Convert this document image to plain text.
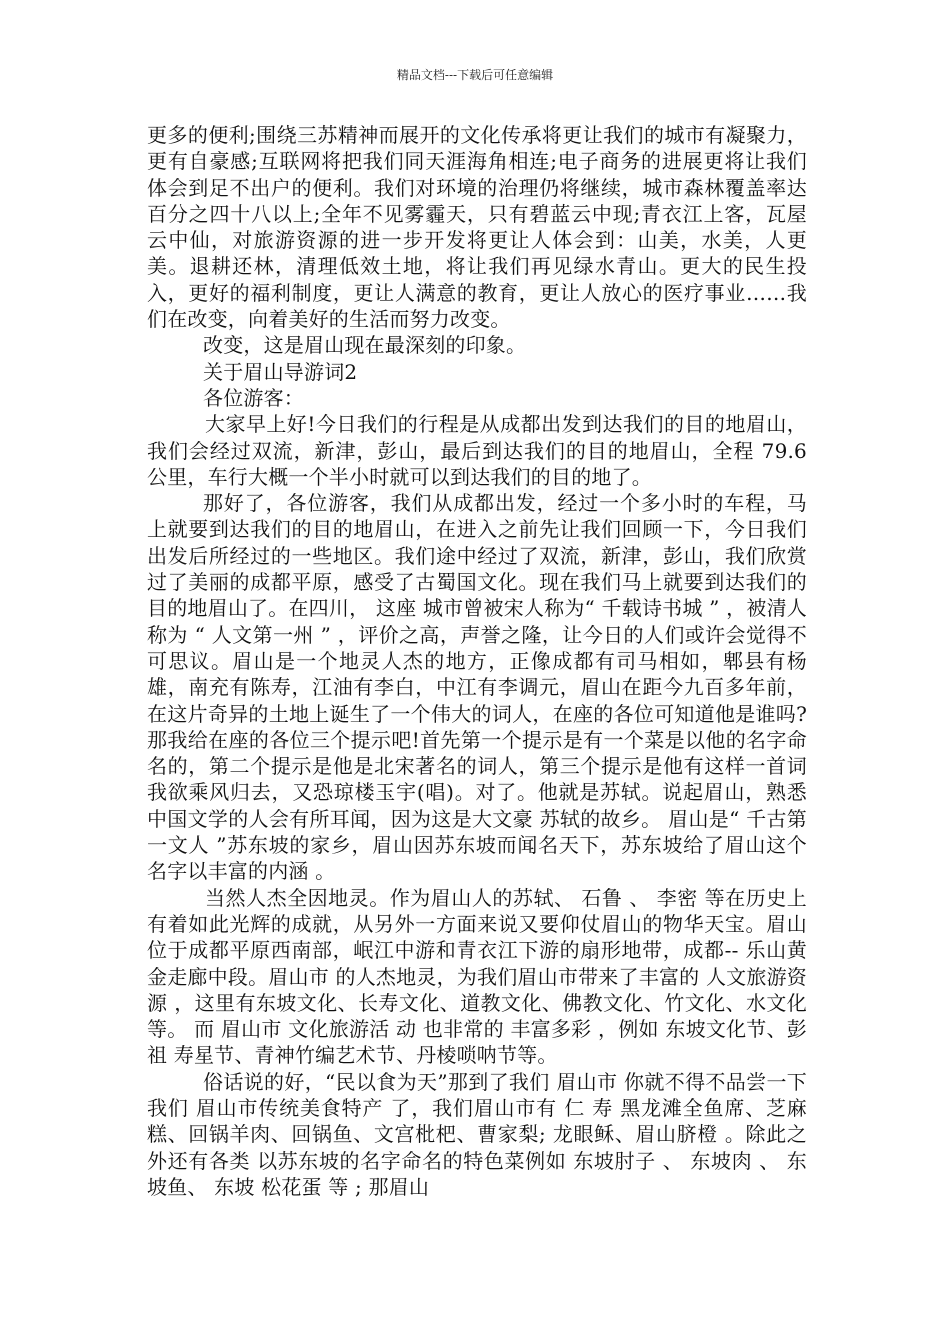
精品文档---下载后可任意编辑

更多的便利;围绕三苏精神而展开的文化传承将更让我们的城市有凝聚力，更有自豪感;互联网将把我们同天涯海角相连;电子商务的进展更将让我们体会到足不出户的便利。我们对环境的治理仍将继续，城市森林覆盖率达百分之四十八以上;全年不见雾霾天，只有碧蓝云中现;青衣江上客，瓦屋云中仙，对旅游资源的进一步开发将更让人体会到：山美，水美，人更美。退耕还林，清理低效土地，将让我们再见绿水青山。更大的民生投入，更好的福利制度，更让人满意的教育，更让人放心的医疗事业……我们在改变，向着美好的生活而努力改变。

改变，这是眉山现在最深刻的印象。

关于眉山导游词2

各位游客：

大家早上好!今日我们的行程是从成都出发到达我们的目的地眉山，我们会经过双流，新津，彭山，最后到达我们的目的地眉山，全程 79.6 公里，车行大概一个半小时就可以到达我们的目的地了。

那好了，各位游客，我们从成都出发，经过一个多小时的车程，马上就要到达我们的目的地眉山，在进入之前先让我们回顾一下，今日我们出发后所经过的一些地区。我们途中经过了双流，新津，彭山，我们欣赏过了美丽的成都平原，感受了古蜀国文化。现在我们马上就要到达我们的目的地眉山了。在四川， 这座 城市曾被宋人称为“ 千载诗书城 ” ，被清人称为 “ 人文第一州 ” ，评价之高，声誉之隆，让今日的人们或许会觉得不可思议。眉山是一个地灵人杰的地方，正像成都有司马相如，郫县有杨雄，南充有陈寿，江油有李白，中江有李调元，眉山在距今九百多年前，在这片奇异的土地上诞生了一个伟大的词人，在座的各位可知道他是谁吗?那我给在座的各位三个提示吧!首先第一个提示是有一个菜是以他的名字命名的，第二个提示是他是北宋著名的词人，第三个提示是他有这样一首词我欲乘风归去，又恐琼楼玉宇(唱)。对了。他就是苏轼。说起眉山，熟悉中国文学的人会有所耳闻，因为这是大文豪 苏轼的故乡。 眉山是“ 千古第一文人 ”苏东坡的家乡，眉山因苏东坡而闻名天下，苏东坡给了眉山这个名字以丰富的内涵 。

当然人杰全因地灵。作为眉山人的苏轼、 石鲁 、 李密 等在历史上有着如此光辉的成就，从另外一方面来说又要仰仗眉山的物华天宝。眉山位于成都平原西南部，岷江中游和青衣江下游的扇形地带，成都-- 乐山黄金走廊中段。眉山市 的人杰地灵，为我们眉山市带来了丰富的 人文旅游资源 ，这里有东坡文化、长寿文化、道教文化、佛教文化、竹文化、水文化等。 而 眉山市 文化旅游活 动 也非常的 丰富多彩 ，例如 东坡文化节、彭祖 寿星节、青神竹编艺术节、丹棱唢呐节等。

俗话说的好，“民以食为天”那到了我们 眉山市 你就不得不品尝一下我们 眉山市传统美食特产 了，我们眉山市有 仁 寿 黑龙滩全鱼席、芝麻糕、回锅羊肉、回锅鱼、文宫枇杷、曹家梨; 龙眼稣、眉山脐橙 。除此之外还有各类 以苏东坡的名字命名的特色菜例如 东坡肘子 、 东坡肉 、 东坡鱼、 东坡 松花蛋 等 ; 那眉山
